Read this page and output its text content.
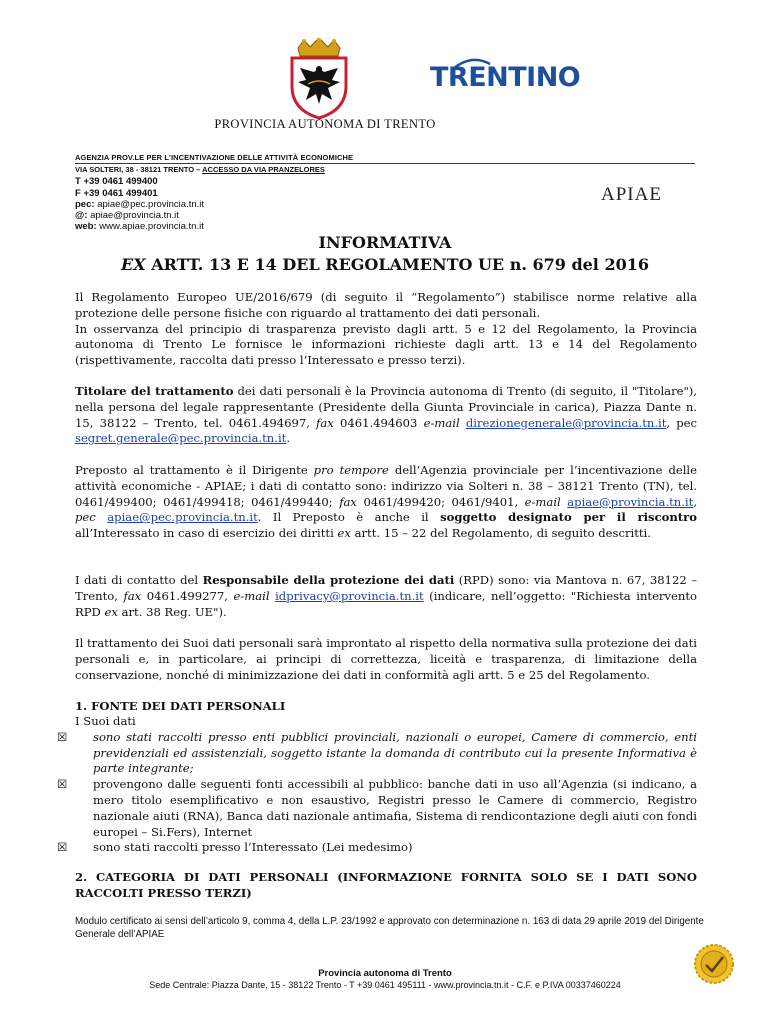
PROVINCIA AUTONOMA DI TRENTO
TRENTINO
AGENZIA PROV.LE PER L'INCENTIVAZIONE DELLE ATTIVITÀ ECONOMICHE
VIA SOLTERI, 38 - 38121 TRENTO – ACCESSO DA VIA PRANZELORES
T +39 0461 499400
F +39 0461 499401
pec: apiae@pec.provincia.tn.it
@: apiae@provincia.tn.it
web: www.apiae.provincia.tn.it
APIAE
INFORMATIVA
EX ARTT. 13 E 14 DEL REGOLAMENTO UE n. 679 del 2016
Il Regolamento Europeo UE/2016/679 (di seguito il “Regolamento”) stabilisce norme relative alla protezione delle persone fisiche con riguardo al trattamento dei dati personali.
In osservanza del principio di trasparenza previsto dagli artt. 5 e 12 del Regolamento, la Provincia autonoma di Trento Le fornisce le informazioni richieste dagli artt. 13 e 14 del Regolamento (rispettivamente, raccolta dati presso l’Interessato e presso terzi).
Titolare del trattamento dei dati personali è la Provincia autonoma di Trento (di seguito, il "Titolare"), nella persona del legale rappresentante (Presidente della Giunta Provinciale in carica), Piazza Dante n. 15, 38122 – Trento, tel. 0461.494697, fax 0461.494603 e-mail direzionegenerale@provincia.tn.it, pec segret.generale@pec.provincia.tn.it.
Preposto al trattamento è il Dirigente pro tempore dell’Agenzia provinciale per l’incentivazione delle attività economiche - APIAE; i dati di contatto sono: indirizzo via Solteri n. 38 – 38121 Trento (TN), tel. 0461/499400; 0461/499418; 0461/499440; fax 0461/499420; 0461/9401, e-mail apiae@provincia.tn.it, pec apiae@pec.provincia.tn.it. Il Preposto è anche il soggetto designato per il riscontro all’Interessato in caso di esercizio dei diritti ex artt. 15 – 22 del Regolamento, di seguito descritti.
I dati di contatto del Responsabile della protezione dei dati (RPD) sono: via Mantova n. 67, 38122 – Trento, fax 0461.499277, e-mail idprivacy@provincia.tn.it (indicare, nell’oggetto: "Richiesta intervento RPD ex art. 38 Reg. UE").
Il trattamento dei Suoi dati personali sarà improntato al rispetto della normativa sulla protezione dei dati personali e, in particolare, ai principi di correttezza, liceità e trasparenza, di limitazione della conservazione, nonché di minimizzazione dei dati in conformità agli artt. 5 e 25 del Regolamento.
1. FONTE DEI DATI PERSONALI
I Suoi dati
☒ sono stati raccolti presso enti pubblici provinciali, nazionali o europei, Camere di commercio, enti previdenziali ed assistenziali, soggetto istante la domanda di contributo cui la presente Informativa è parte integrante;
☒ provengono dalle seguenti fonti accessibili al pubblico: banche dati in uso all’Agenzia (si indicano, a mero titolo esemplificativo e non esaustivo, Registri presso le Camere di commercio, Registro nazionale aiuti (RNA), Banca dati nazionale antimafia, Sistema di rendicontazione degli aiuti con fondi europei – Si.Fers), Internet
☒ sono stati raccolti presso l’Interessato (Lei medesimo)
2. CATEGORIA DI DATI PERSONALI (INFORMAZIONE FORNITA SOLO SE I DATI SONO RACCOLTI PRESSO TERZI)
Modulo certificato ai sensi dell’articolo 9, comma 4, della L.P. 23/1992 e approvato con determinazione n. 163 di data 29 aprile 2019 del Dirigente Generale dell’APIAE
Provincia autonoma di Trento
Sede Centrale: Piazza Dante, 15 - 38122 Trento - T +39 0461 495111 - www.provincia.tn.it - C.F. e P.IVA 00337460224
